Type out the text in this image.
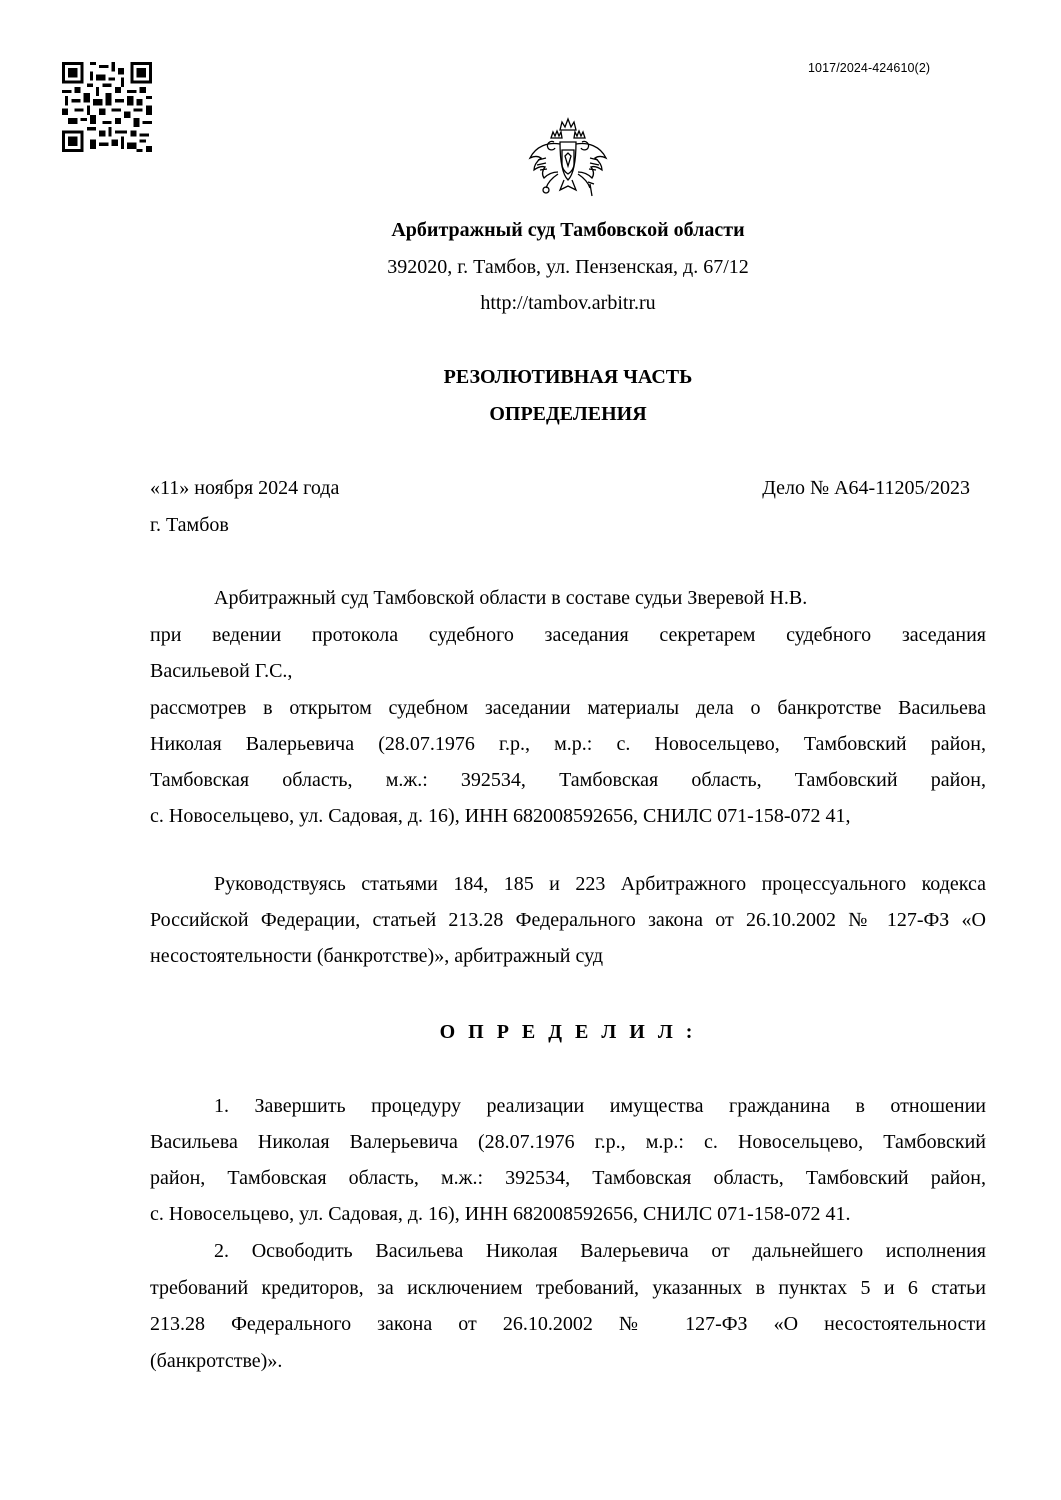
1017/2024-424610(2)
Арбитражный суд Тамбовской области
392020, г. Тамбов, ул. Пензенская, д. 67/12
http://tambov.arbitr.ru
РЕЗОЛЮТИВНАЯ ЧАСТЬ
ОПРЕДЕЛЕНИЯ
«11» ноября 2024 года	Дело № А64-11205/2023
г. Тамбов
Арбитражный суд Тамбовской области в составе судьи Зверевой Н.В.
при ведении протокола судебного заседания секретарем судебного заседания
Васильевой Г.С.,
рассмотрев в открытом судебном заседании материалы дела о банкротстве Васильева
Николая Валерьевича (28.07.1976 г.р., м.р.: с. Новосельцево, Тамбовский район,
Тамбовская область, м.ж.: 392534, Тамбовская область, Тамбовский район,
с. Новосельцево, ул. Садовая, д. 16), ИНН 682008592656, СНИЛС 071-158-072 41,
Руководствуясь статьями 184, 185 и 223 Арбитражного процессуального кодекса
Российской Федерации, статьей 213.28 Федерального закона от 26.10.2002 № 127-ФЗ «О
несостоятельности (банкротстве)», арбитражный суд
О П Р Е Д Е Л И Л :
1. Завершить процедуру реализации имущества гражданина в отношении
Васильева Николая Валерьевича (28.07.1976 г.р., м.р.: с. Новосельцево, Тамбовский
район, Тамбовская область, м.ж.: 392534, Тамбовская область, Тамбовский район,
с. Новосельцево, ул. Садовая, д. 16), ИНН 682008592656, СНИЛС 071-158-072 41.
2. Освободить Васильева Николая Валерьевича от дальнейшего исполнения
требований кредиторов, за исключением требований, указанных в пунктах 5 и 6 статьи
213.28 Федерального закона от 26.10.2002 № 127-ФЗ «О несостоятельности
(банкротстве)».
